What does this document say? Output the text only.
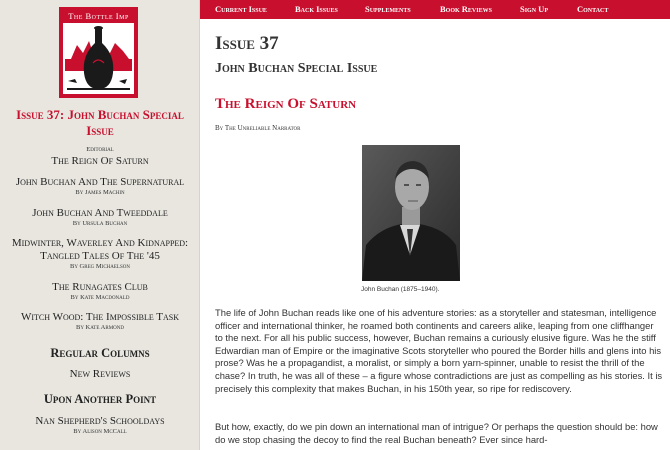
The Bottle Imp
Issue 37: John Buchan Special
Issue
Editorial
The Reign Of Saturn
John Buchan And The Supernatural
By James Machin
John Buchan And Tweeddale
By Ursula Buchan
Midwinter, Waverley And Kidnapped:
Tangled Tales Of The '45
By Greg Michaelson
The Runagates Club
By Kate Macdonald
Witch Wood: The Impossible Task
By Kate Armond
Regular Columns
New Reviews
Upon Another Point
Nan Shepherd's Schooldays
By Alison McCall
Current Issue	Back Issues	Supplements	Book Reviews	Sign Up	Contact
Issue 37
John Buchan Special Issue
The Reign Of Saturn
By The Unreliable Narrator
John Buchan (1875–1940).

The life of John Buchan reads like one of his adventure stories: as a storyteller and statesman, intelligence officer and international thinker, he roamed both continents and careers alike, leaping from one cliffhanger to the next. For all his public success, however, Buchan remains a curiously elusive figure. Was he the stiff Edwardian man of Empire or the imaginative Scots storyteller who poured the Border hills and glens into his prose? Was he a propagandist, a moralist, or simply a born yarn-spinner, unable to resist the thrill of the chase? In truth, he was all of these – a figure whose contradictions are just as compelling as his stories. It is precisely this complexity that makes Buchan, in his 150th year, so ripe for rediscovery.

But how, exactly, do we pin down an international man of intrigue? Or perhaps the question should be: how do we stop chasing the decoy to find the real Buchan beneath? Ever since hard-
